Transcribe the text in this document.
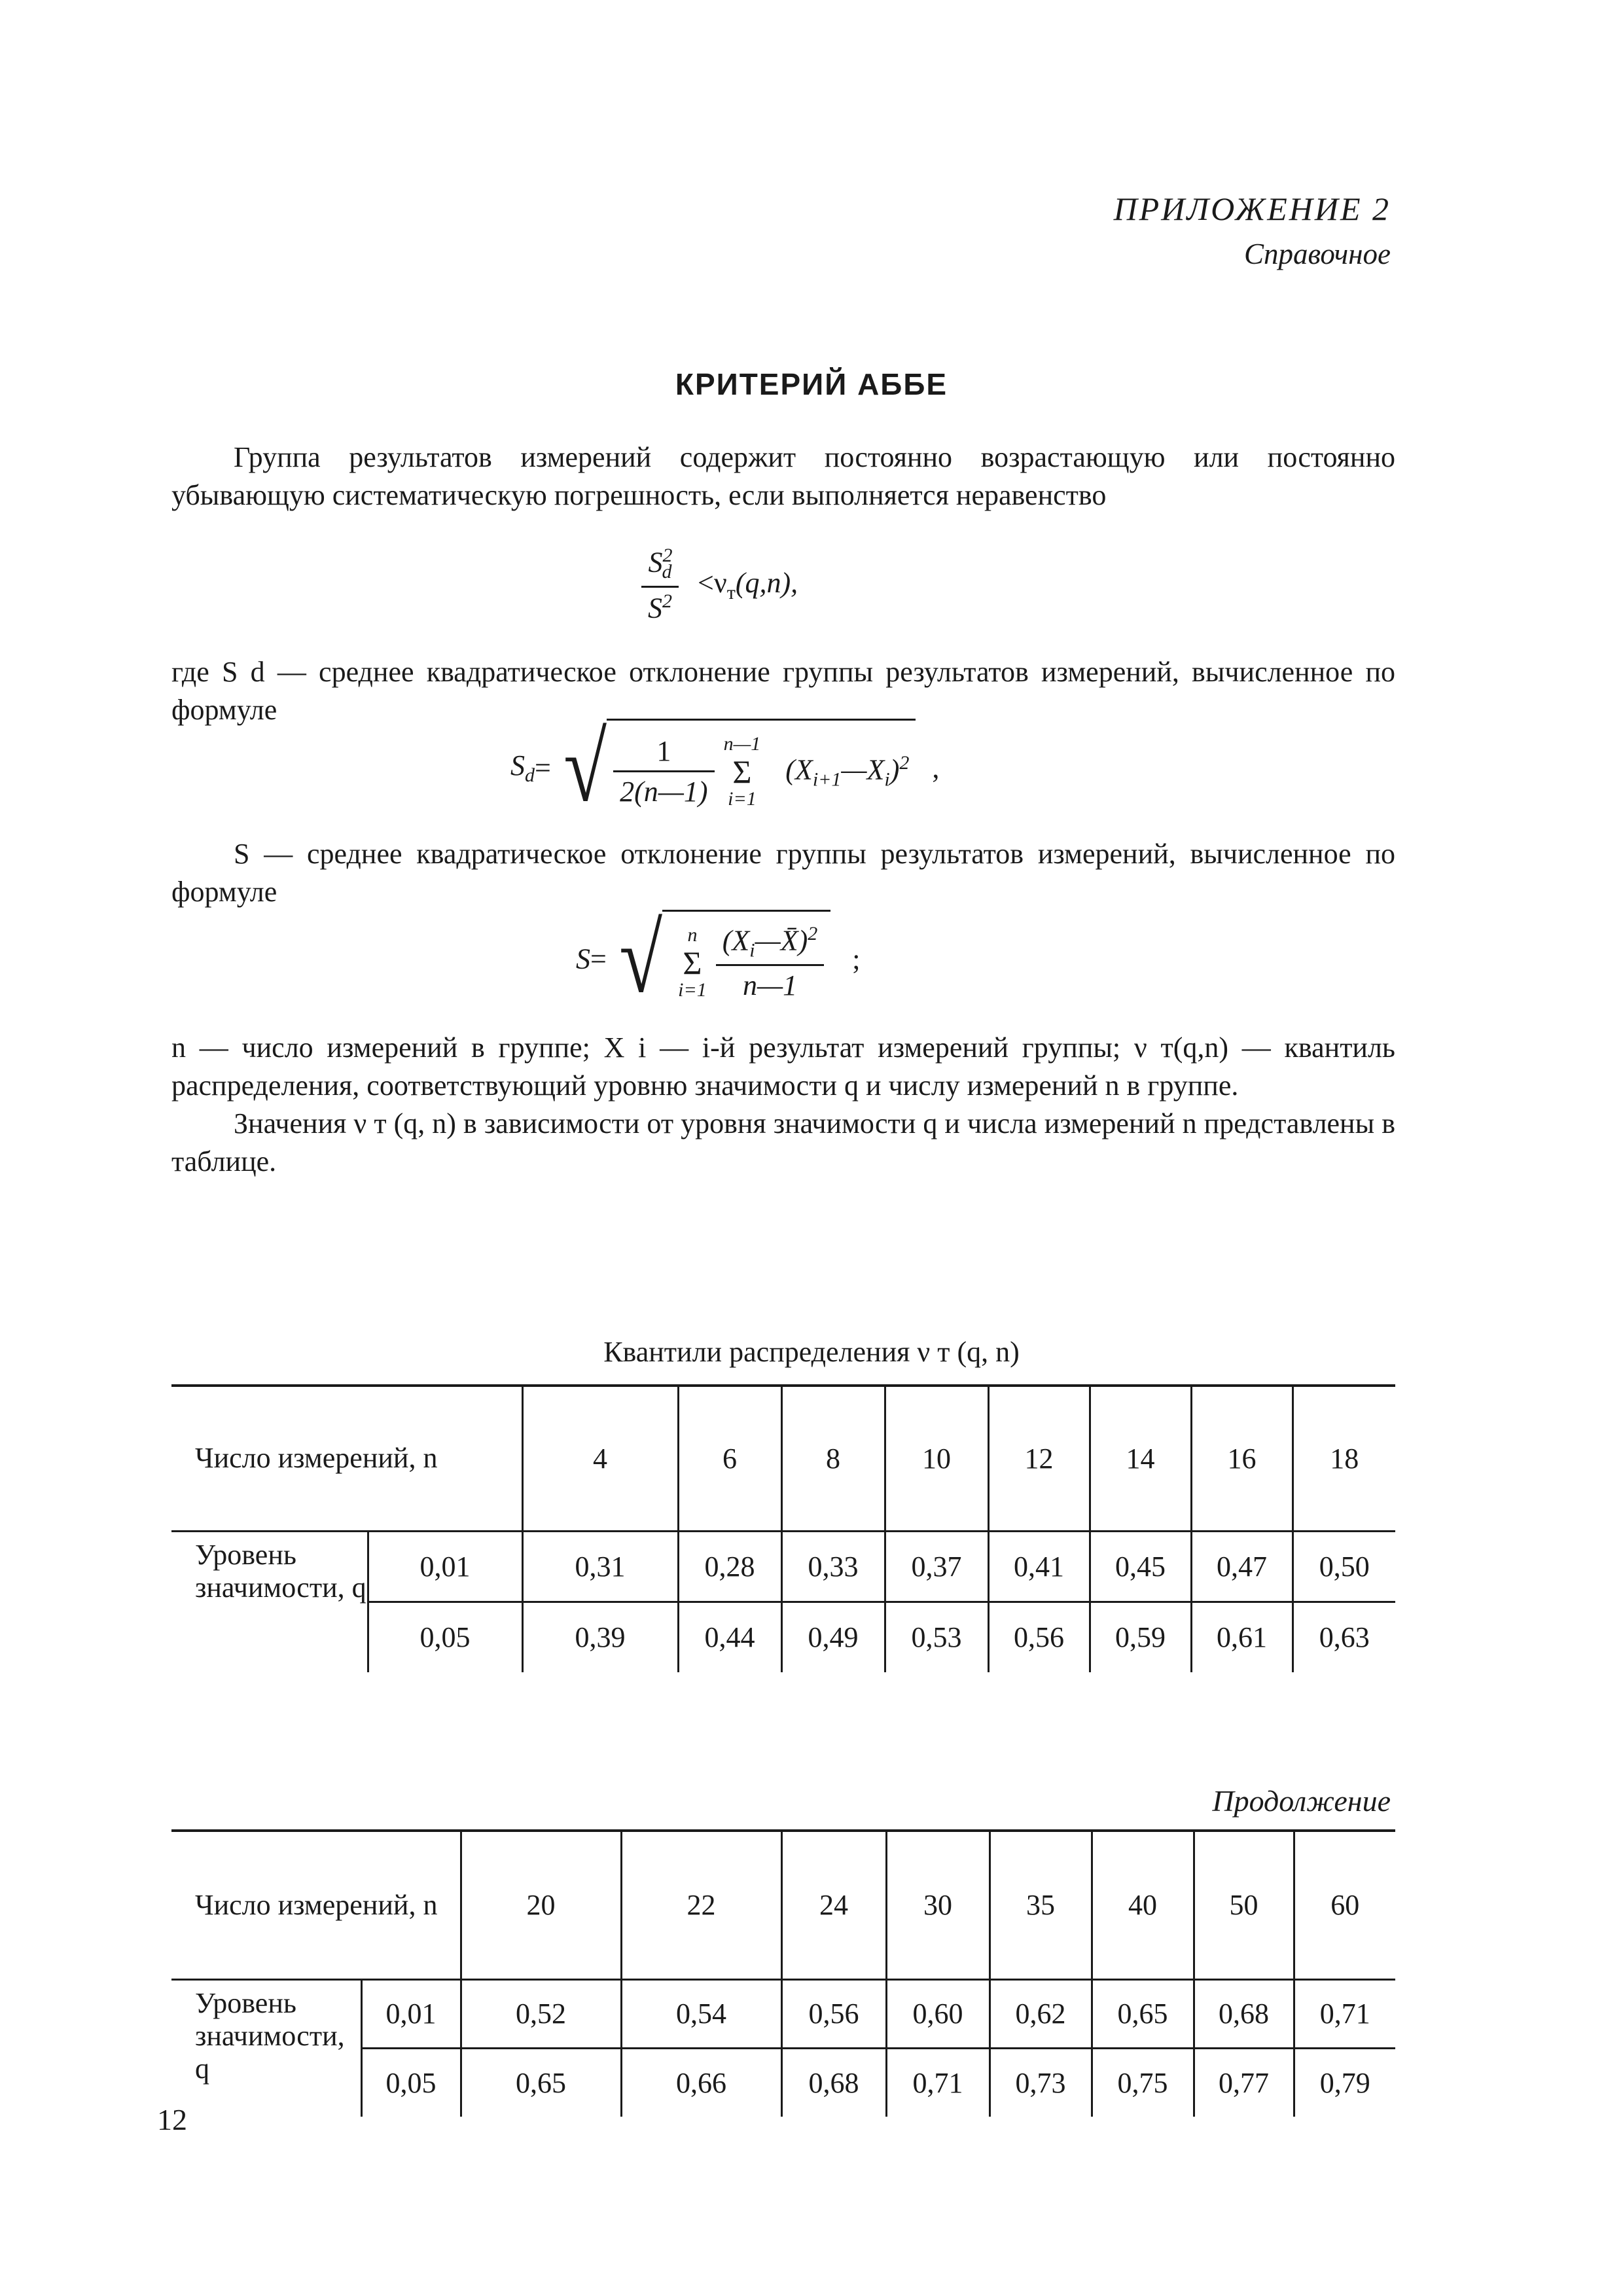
ПРИЛОЖЕНИЕ 2
Справочное
КРИТЕРИЙ АББЕ

Группа результатов измерений содержит постоянно возрастающую или постоянно убывающую систематическую погрешность, если выполняется неравенство

$\frac{S^2_d}{S^2} <\nu_т(q,n)$,

где S d — среднее квадратическое отклонение группы результатов измерений, вычисленное по формуле

$S_d=$ √ $\frac{1}{2(n—1)}$ n—1
Σ
i=1
$(X_{i+1}—X_i)^2$ ,

S — среднее квадратическое отклонение группы результатов измерений, вычисленное по формуле

S= √	n
Σ
$i=1 \frac{(X_i—X̄)^2}{n—1}$ ;

n — число измерений в группе; X i — i-й результат измерений группы; ν т(q,n) — квантиль распределения, соответствующий уровню значимости q и числу измерений n в группе.

Значения ν т (q, n) в зависимости от уровня значимости q и числа измерений n представлены в таблице.

Квантили распределения ν т (q, n)
Число измерений, n		4	6	8	10	12	14	16	18
Уровень значимости, q	0,01	0,31	0,28	0,33	0,37	0,41	0,45	0,47	0,50
	0,05	0,39	0,44	0,49	0,53	0,56	0,59	0,61	0,63
Продолжение
Число измерений, n		20	22	24	30	35	40	50	60
Уровень значимости, q	0,01	0,52	0,54	0,56	0,60	0,62	0,65	0,68	0,71
	0,05	0,65	0,66	0,68	0,71	0,73	0,75	0,77	0,79
12
